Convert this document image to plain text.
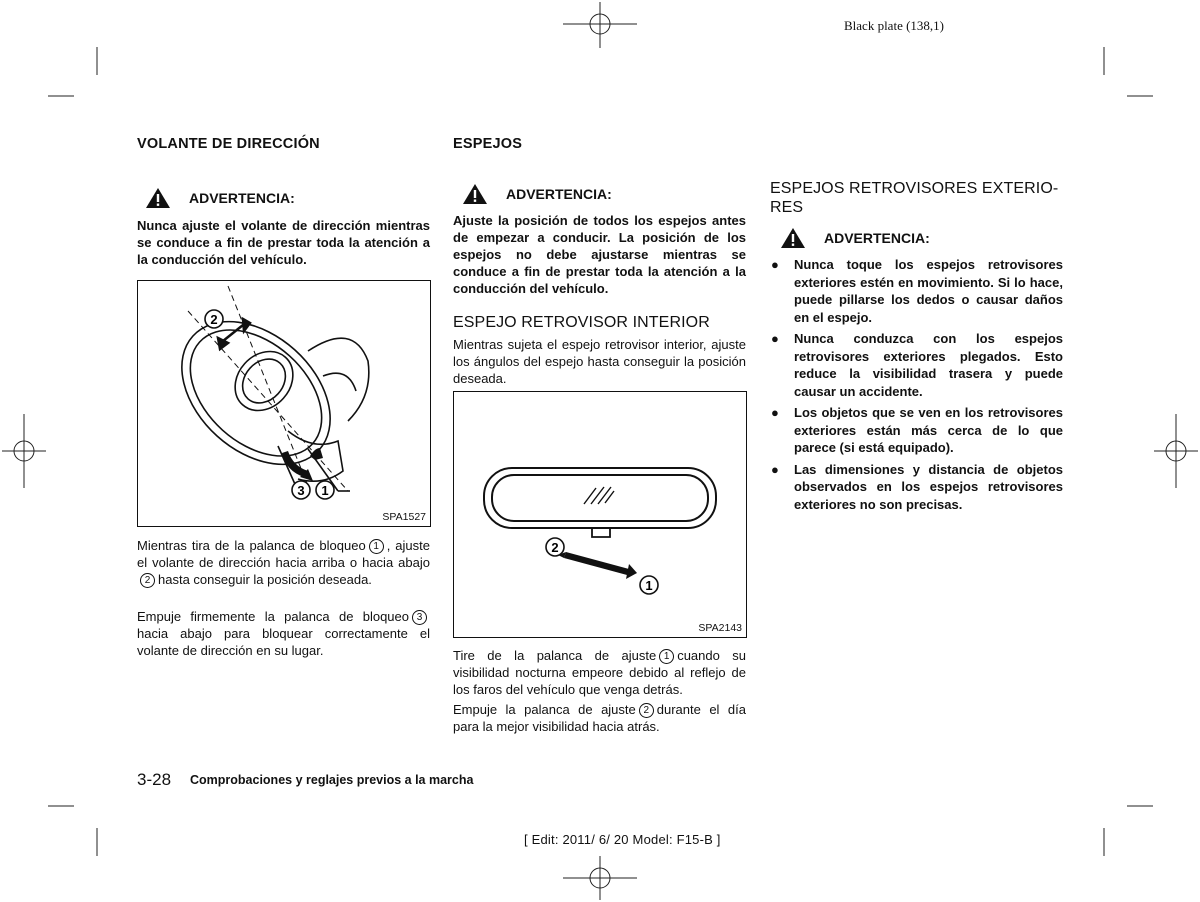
Black plate (138,1)
VOLANTE DE DIRECCIÓN
ADVERTENCIA:
Nunca ajuste el volante de dirección mientras se conduce a fin de prestar toda la atención a la conducción del vehículo.
2
3 1
SPA1527
Mientras tira de la palanca de bloqueo 1 , ajuste el volante de dirección hacia arriba o hacia abajo2 hasta conseguir la posición deseada.
Empuje firmemente la palanca de bloqueo 3hacia abajo para bloquear correctamente el volante de dirección en su lugar.
ESPEJOS
ADVERTENCIA:
Ajuste la posición de todos los espejos antes de empezar a conducir. La posición de los espejos no debe ajustarse mientras se conduce a fin de prestar toda la atención a la conducción del vehículo.
ESPEJO RETROVISOR INTERIOR
Mientras sujeta el espejo retrovisor interior, ajuste los ángulos del espejo hasta conseguir la posición deseada.
2
1
SPA2143
Tire de la palanca de ajuste 1 cuando su visibilidad nocturna empeore debido al reflejo de los faros del vehículo que venga detrás.
Empuje la palanca de ajuste 2 durante el día para la mejor visibilidad hacia atrás.
ESPEJOS RETROVISORES EXTERIO-
RES
ADVERTENCIA:
● Nunca toque los espejos retrovisores exteriores estén en movimiento. Si lo hace, puede pillarse los dedos o causar daños en el espejo.
● Nunca conduzca con los espejos retrovisores exteriores plegados. Esto reduce la visibilidad trasera y puede causar un accidente.
● Los objetos que se ven en los retrovisores exteriores están más cerca de lo que parece (si está equipado).
● Las dimensiones y distancia de objetos observados en los espejos retrovisores exteriores no son precisas.
3-28 Comprobaciones y reglajes previos a la marcha
[ Edit: 2011/ 6/ 20 Model: F15-B ]
